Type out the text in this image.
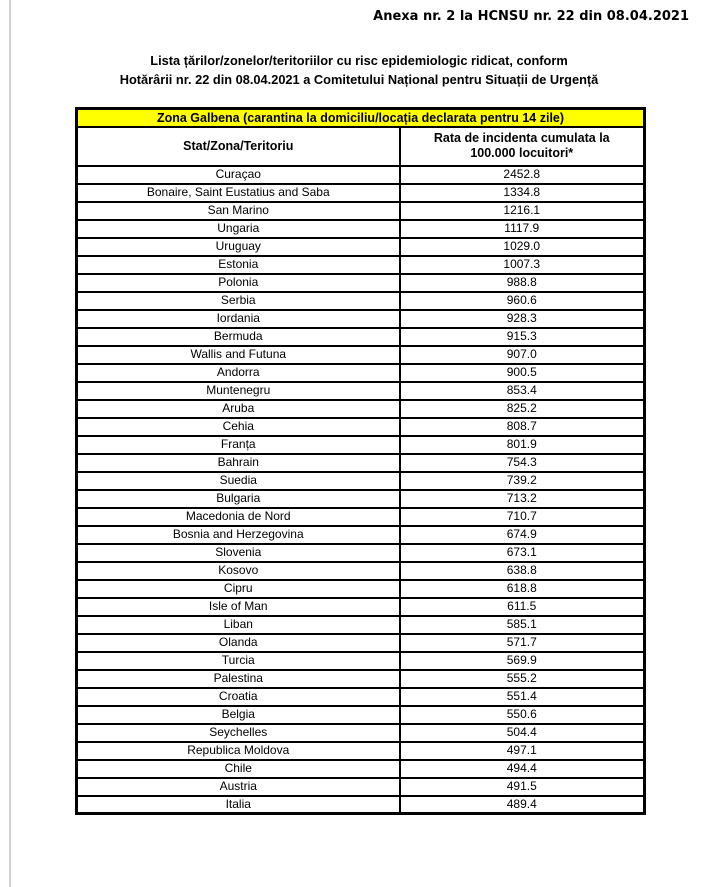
Anexa nr. 2 la HCNSU nr. 22 din 08.04.2021
Lista țărilor/zonelor/teritoriilor cu risc epidemiologic ridicat, conform
Hotărârii nr. 22 din 08.04.2021 a Comitetului Național pentru Situații de Urgență
Zona Galbena (carantina la domiciliu/locația declarata pentru 14 zile)	
Stat/Zona/Teritoriu	Rata de incidenta cumulata la 100.000 locuitori*
Curaçao	2452.8
Bonaire, Saint Eustatius and Saba	1334.8
San Marino	1216.1
Ungaria	1117.9
Uruguay	1029.0
Estonia	1007.3
Polonia	988.8
Serbia	960.6
Iordania	928.3
Bermuda	915.3
Wallis and Futuna	907.0
Andorra	900.5
Muntenegru	853.4
Aruba	825.2
Cehia	808.7
Franța	801.9
Bahrain	754.3
Suedia	739.2
Bulgaria	713.2
Macedonia de Nord	710.7
Bosnia and Herzegovina	674.9
Slovenia	673.1
Kosovo	638.8
Cipru	618.8
Isle of Man	611.5
Liban	585.1
Olanda	571.7
Turcia	569.9
Palestina	555.2
Croatia	551.4
Belgia	550.6
Seychelles	504.4
Republica Moldova	497.1
Chile	494.4
Austria	491.5
Italia	489.4
